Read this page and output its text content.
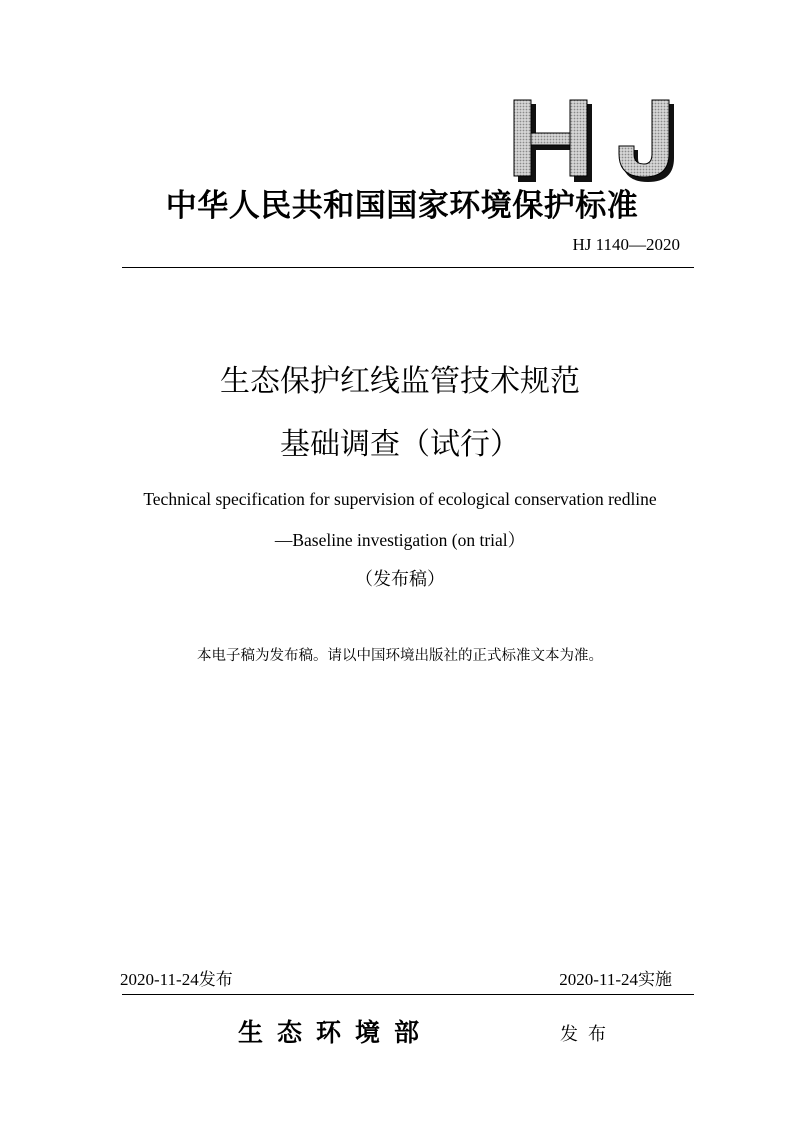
中华人民共和国国家环境保护标准
HJ 1140—2020
生态保护红线监管技术规范
基础调查（试行）
Technical specification for supervision of ecological conservation redline
—Baseline investigation (on trial）
（发布稿）
本电子稿为发布稿。请以中国环境出版社的正式标准文本为准。
2020-11-24发布	2020-11-24实施
生态环境部	发布
